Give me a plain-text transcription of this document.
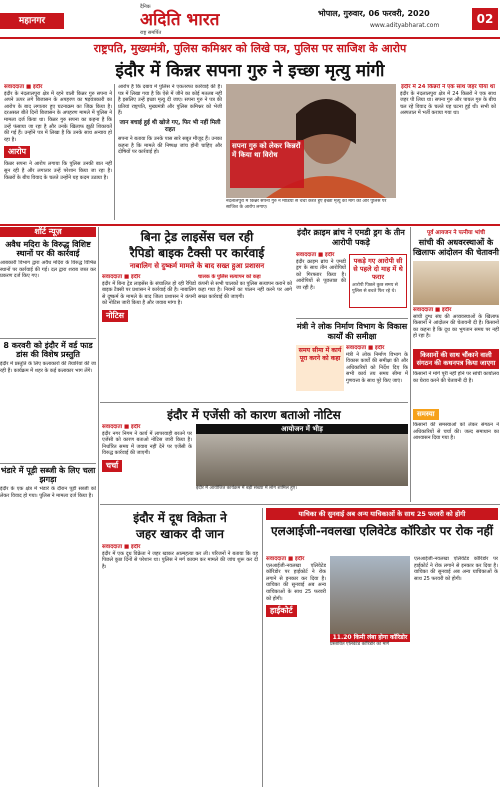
महानगर
दैनिक
अदिति भारत
राष्ट्र समर्पित
भोपाल, गुरुवार, 06 फरवरी, 2020
www.adityabharat.com	02
राष्ट्रपति, मुख्यमंत्री, पुलिस कमिश्नर को लिखे पत्र, पुलिस पर साजिश के आरोप
इंदौर में किन्नर सपना गुरु ने इच्छा मृत्यु मांगी
संवाददाता ■ इंदौर
इंदौर के नंदलालपुरा क्षेत्र में रहने वाली किन्नर गुरु सपना ने अपने ऊपर लगे बिजासन के अपहरण का षड़यंत्रकारी का आरोप के बाद लगातार हुए घटनाक्रम का जिक्र किया है। दरअसल बीते दिनों बिजासन के अपहरण मामले में पुलिस ने मामला दर्ज किया था। किन्नर गुरु सपना का कहना है कि उन्हें फंसाया जा रहा है और उनके खिलाफ झूठी शिकायतें की गई हैं। उन्होंने पत्र में लिखा है कि उनके साथ अन्याय हो रहा है।
आरोप
किन्नर सपना ने आरोप लगाया कि पुलिस उनकी बात नहीं सुन रही है और लगातार उन्हें परेशान किया जा रहा है। किन्नरों के बीच विवाद के चलते उन्होंने यह कदम उठाया है।
आरोप है कि दबाव में पुलिस ने एकतरफा कार्रवाई की है। पत्र में लिखा गया है कि ऐसे में जीने का कोई मतलब नहीं है इसलिए उन्हें इच्छा मृत्यु दी जाए। सपना गुरु ने पत्र की प्रतियां राष्ट्रपति, मुख्यमंत्री और पुलिस कमिश्नर को भेजी हैं।

जान बचाई हुई थी खोजे गए, फिर भी नहीं मिली राहत
सपना ने बताया कि उनके पास सारे सबूत मौजूद हैं। उनका कहना है कि मामले की निष्पक्ष जांच होनी चाहिए और दोषियों पर कार्रवाई हो।
सपना गुरु को लेकर किन्नरों में किया था विरोध
नंदलालपुरा में किन्नर सपना गुरु ने मीडिया से चर्चा करते हुए इच्छा मृत्यु की मांग की और पुलिस पर साजिश के आरोप लगाए।
इंदौर में 24 किन्नरों ने एक साथ जहर पीया था
इंदौर के नंदलालपुरा क्षेत्र में 24 किन्नरों ने एक साथ जहर पी लिया था। सपना गुरु और पायल गुरु के बीच चल रहे विवाद के चलते यह घटना हुई थी। सभी को अस्पताल में भर्ती कराया गया था।
शॉर्ट न्यूज़
अवैध मदिरा के विरुद्ध विशिष्ट स्थानों पर की कार्रवाई
आबकारी विभाग द्वारा अवैध मदिरा के विरुद्ध विभिन्न स्थानों पर कार्रवाई की गई। दल द्वारा शराब जब्त कर प्रकरण दर्ज किए गए।
8 करवरी को इंदौर में वर्ड फाड डांस की विशेष प्रस्तुति
इंदौर में प्रस्तुति के लिए कलाकारों की तैयारियां की जा रही हैं। कार्यक्रम में शहर के कई कलाकार भाग लेंगे।
भंडारे में पूड़ी सब्जी के लिए चला झगड़ा
इंदौर के एक क्षेत्र में भंडारे के दौरान पूड़ी सब्जी को लेकर विवाद हो गया। पुलिस ने मामला दर्ज किया है।
बिना ट्रेड लाइसेंस चल रही
रैपिडो बाइक टैक्सी पर कार्रवाई
नाबालिग से दुष्कर्म मामले के बाद सख्त हुआ प्रशासन
संवाददाता ■ इंदौर
इंदौर में बिना ट्रेड लाइसेंस के संचालित हो रही रैपिडो बाइक टैक्सी पर प्रशासन ने कार्रवाई की है। नाबालिग से दुष्कर्म के मामले के बाद जिला प्रशासन ने कंपनी को नोटिस जारी किया है और जवाब मांगा है।
नोटिस
चालक के पुलिस सत्यापन को कहा
कंपनी से सभी चालकों का पुलिस सत्यापन कराने को कहा गया है। नियमों का पालन नहीं करने पर आगे सख्त कार्रवाई की जाएगी।
इंदौर क्राइम ब्रांच ने एमडी ड्रग के तीन आरोपी पकड़े
संवाददाता ■ इंदौर
इंदौर क्राइम ब्रांच ने एमडी ड्रग के साथ तीन आरोपियों को गिरफ्तार किया है। आरोपियों से पूछताछ की जा रही है।
पकड़े गए आरोपी सी से पहले दो माह में थे फरार
आरोपी पिछले कुछ समय से पुलिस से बचते फिर रहे थे।
मंत्री ने लोक निर्माण विभाग के विकास कार्यों की समीक्षा
समय सीमा में कार्य पूरा करने को कहा
संवाददाता ■ इंदौर
मंत्री ने लोक निर्माण विभाग के विकास कार्यों की समीक्षा की और अधिकारियों को निर्देश दिए कि सभी कार्य तय समय सीमा में गुणवत्ता के साथ पूरे किए जाएं।
पूर्व आयजन ने पत्नीया भांची
सांची की अधवरस्थाओं के खिलाफ आंदोलन की चेतावनी
संवाददाता ■ इंदौर
सांची दुग्ध संघ की अव्यवस्थाओं के खिलाफ किसानों ने आंदोलन की चेतावनी दी है। किसानों का कहना है कि दूध का भुगतान समय पर नहीं हो रहा है।
किसानों की साथ चौंकाने वाली संगठन की कथनपत्र किया जाएगा
किसानों ने मांगें पूरी नहीं होने पर सांची कार्यालय का घेराव करने की चेतावनी दी है।
समस्या
किसानों की समस्याओं को लेकर संगठन ने अधिकारियों से चर्चा की। जल्द समाधान का आश्वासन दिया गया है।
इंदौर में एजेंसी को कारण बताओ नोटिस
संवाददाता ■ इंदौर
इंदौर नगर निगम ने कार्य में लापरवाही बरतने पर एजेंसी को कारण बताओ नोटिस जारी किया है। निर्धारित समय में जवाब नहीं देने पर एजेंसी के विरुद्ध कार्रवाई की जाएगी।
चर्चा
आयोजन में भीड़
इंदौर में आयोजित कार्यक्रम में बड़ी संख्या में लोग शामिल हुए।
इंदौर में दूध विक्रेता ने
जहर खाकर दी जान
संवाददाता ■ इंदौर
इंदौर में एक दूध विक्रेता ने जहर खाकर आत्महत्या कर ली। परिजनों ने बताया कि वह पिछले कुछ दिनों से परेशान था। पुलिस ने मर्ग कायम कर मामले की जांच शुरू कर दी है।
याचिका की सुनवाई अब अन्य याचिकाओं के साथ 25 फरवरी को होगी
एलआईजी-नवलखा एलिवेटेड कॉरिडोर पर रोक नहीं
संवाददाता ■ इंदौर
एलआईजी-नवलखा एलिवेटेड कॉरिडोर पर हाईकोर्ट ने रोक लगाने से इनकार कर दिया है। याचिका की सुनवाई अब अन्य याचिकाओं के साथ 25 फरवरी को होगी।
हाईकोर्ट
11.20 किमी लंबा होगा कॉरिडोर
प्रस्तावित एलिवेटेड कॉरिडोर का मार्ग
एलआईजी-नवलखा एलिवेटेड कॉरिडोर पर हाईकोर्ट ने रोक लगाने से इनकार कर दिया है। याचिका की सुनवाई अब अन्य याचिकाओं के साथ 25 फरवरी को होगी।
